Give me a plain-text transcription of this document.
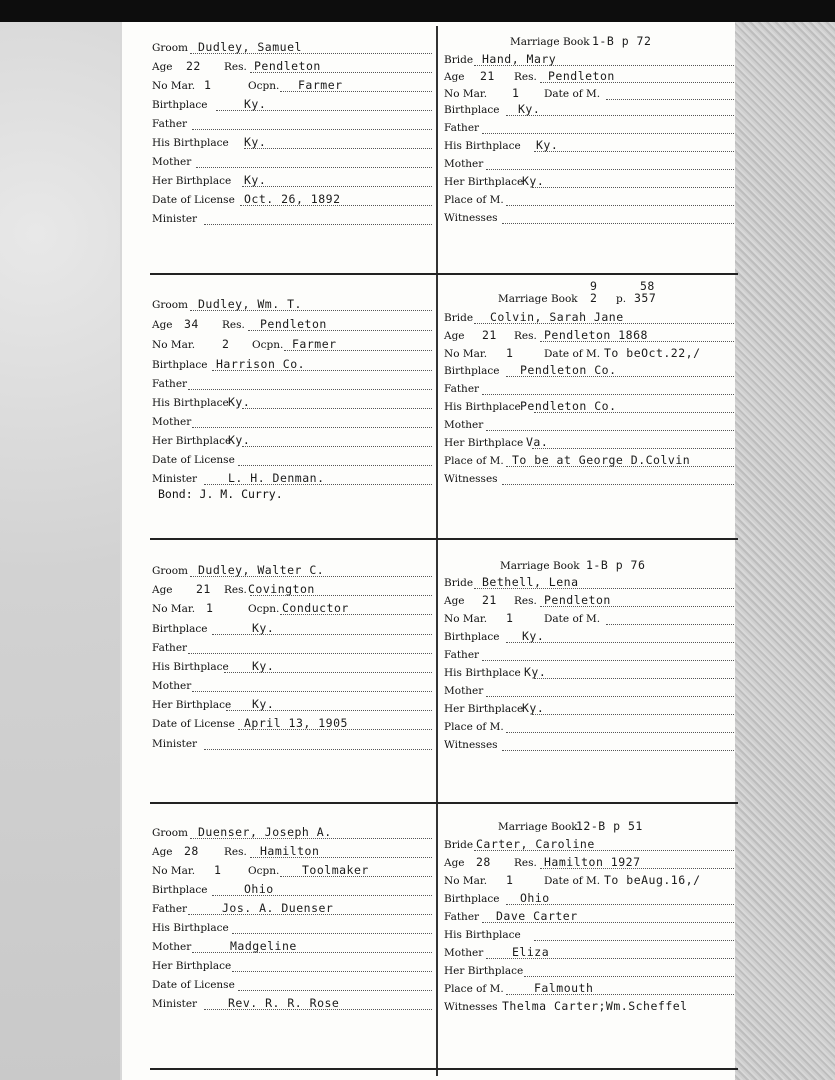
Groom Dudley, Samuel
Age 22 Res. Pendleton
No Mar. 1	Ocpn. Farmer
Birthplace	Ky.
Father
His Birthplace Ky.
Mother
Her Birthplace Ky.
Date of License Oct. 26, 1892
Minister
Marriage Book 1-B p 72
Bride Hand, Mary
Age 21 Res. Pendleton
No Mar. 1 Date of M.
Birthplace Ky.
Father
His Birthplace Ky.
Mother
Her Birthplace
Ky.
Place of M.
Witnesses
Groom Dudley, Wm. T.
Age 34 Res. Pendleton
No Mar. 2 Ocpn. Farmer
Birthplace Harrison Co.
Father
His Birthplace Ky.
Mother
Her Birthplace
Ky.
Date of License
Minister	L. H. Denman.
Bond: J. M. Curry.
Marriage Book
9
2 p.
58
357
Bride Colvin, Sarah Jane
Age 21 Res. Pendleton 1868
No Mar. 1	Date of M. To beOct.22,/
Birthplace Pendleton Co.
Father
His Birthplace Pendleton Co.
Mother
Her Birthplace Va.
Place of M. To be at George D.Colvin
Witnesses
Groom Dudley, Walter C.
Age 21 Res. Covington
No Mar. 1	Ocpn. Conductor
Birthplace	Ky.
Father
His Birthplace Ky.
Mother
Her Birthplace Ky.
Date of License April 13, 1905
Minister
Marriage Book 1-B p 76
Bride Bethell, Lena
Age 21 Res. Pendleton
No Mar. 1	Date of M.
Birthplace Ky.
Father
His Birthplace Ky.
Mother
Her Birthplace
Ky.
Place of M.
Witnesses
Groom Duenser, Joseph A.
Age 28 Res. Hamilton
No Mar. 1	Ocpn. Toolmaker
Birthplace	Ohio
Father	Jos. A. Duenser
His Birthplace
Mother	Madgeline
Her Birthplace
Date of License
Minister	Rev. R. R. Rose
Marriage Book
12-B p 51
Bride Carter, Caroline
Age 28 Res. Hamilton 1927
No Mar. 1	Date of M. To beAug.16,/
Birthplace Ohio
Father Dave Carter
His Birthplace
Mother Eliza
Her Birthplace
Place of M.	Falmouth
Witnesses Thelma Carter;Wm.Scheffel
